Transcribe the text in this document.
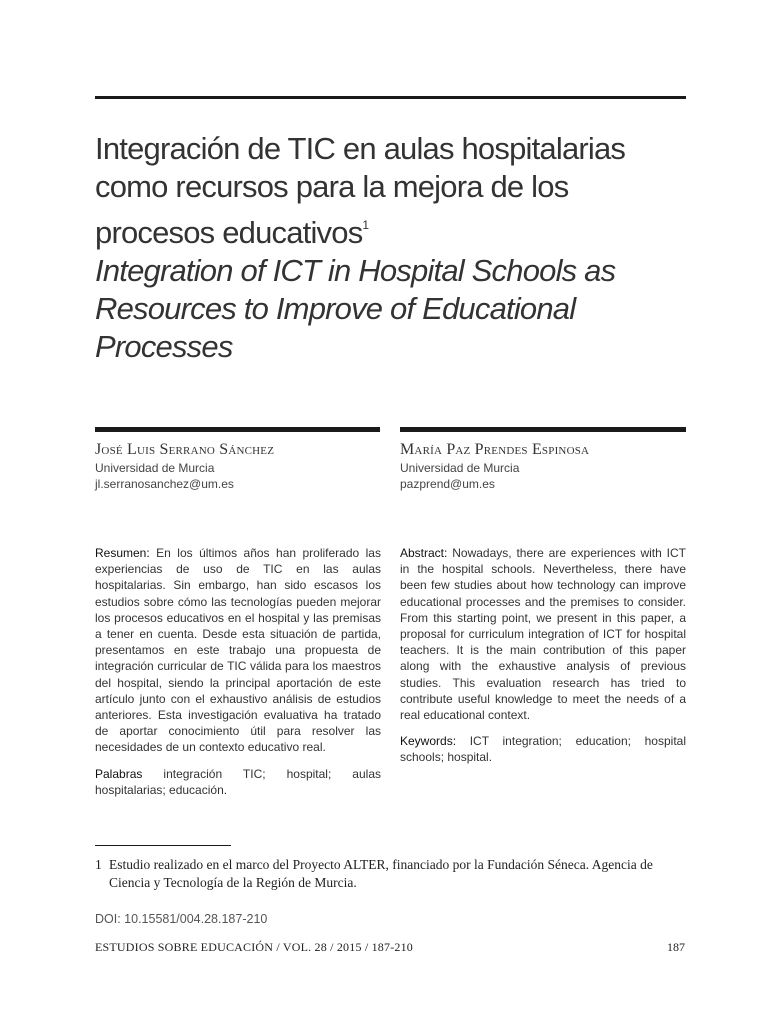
Integración de TIC en aulas hospitalarias como recursos para la mejora de los procesos educativos$^1$
Integration of ICT in Hospital Schools as Resources to Improve of Educational Processes
José Luis Serrano Sánchez
Universidad de Murcia
jl.serranosanchez@um.es
María Paz Prendes Espinosa
Universidad de Murcia
pazprend@um.es

Resumen: En los últimos años han proliferado las experiencias de uso de TIC en las aulas hospitalarias. Sin embargo, han sido escasos los estudios sobre cómo las tecnologías pueden mejorar los procesos educativos en el hospital y las premisas a tener en cuenta. Desde esta situación de partida, presentamos en este trabajo una propuesta de integración curricular de TIC válida para los maestros del hospital, siendo la principal aportación de este artículo junto con el exhaustivo análisis de estudios anteriores. Esta investigación evaluativa ha tratado de aportar conocimiento útil para resolver las necesidades de un contexto educativo real.

Palabras integración TIC; hospital; aulas hospitalarias; educación.

Abstract: Nowadays, there are experiences with ICT in the hospital schools. Nevertheless, there have been few studies about how technology can improve educational processes and the premises to consider. From this starting point, we present in this paper, a proposal for curriculum integration of ICT for hospital teachers. It is the main contribution of this paper along with the exhaustive analysis of previous studies. This evaluation research has tried to contribute useful knowledge to meet the needs of a real educational context.

Keywords: ICT integration; education; hospital schools; hospital.

1 Estudio realizado en el marco del Proyecto ALTER, financiado por la Fundación Séneca. Agencia de Ciencia y Tecnología de la Región de Murcia.
DOI: 10.15581/004.28.187-210
ESTUDIOS SOBRE EDUCACIÓN / VOL. 28 / 2015 / 187-210	187
